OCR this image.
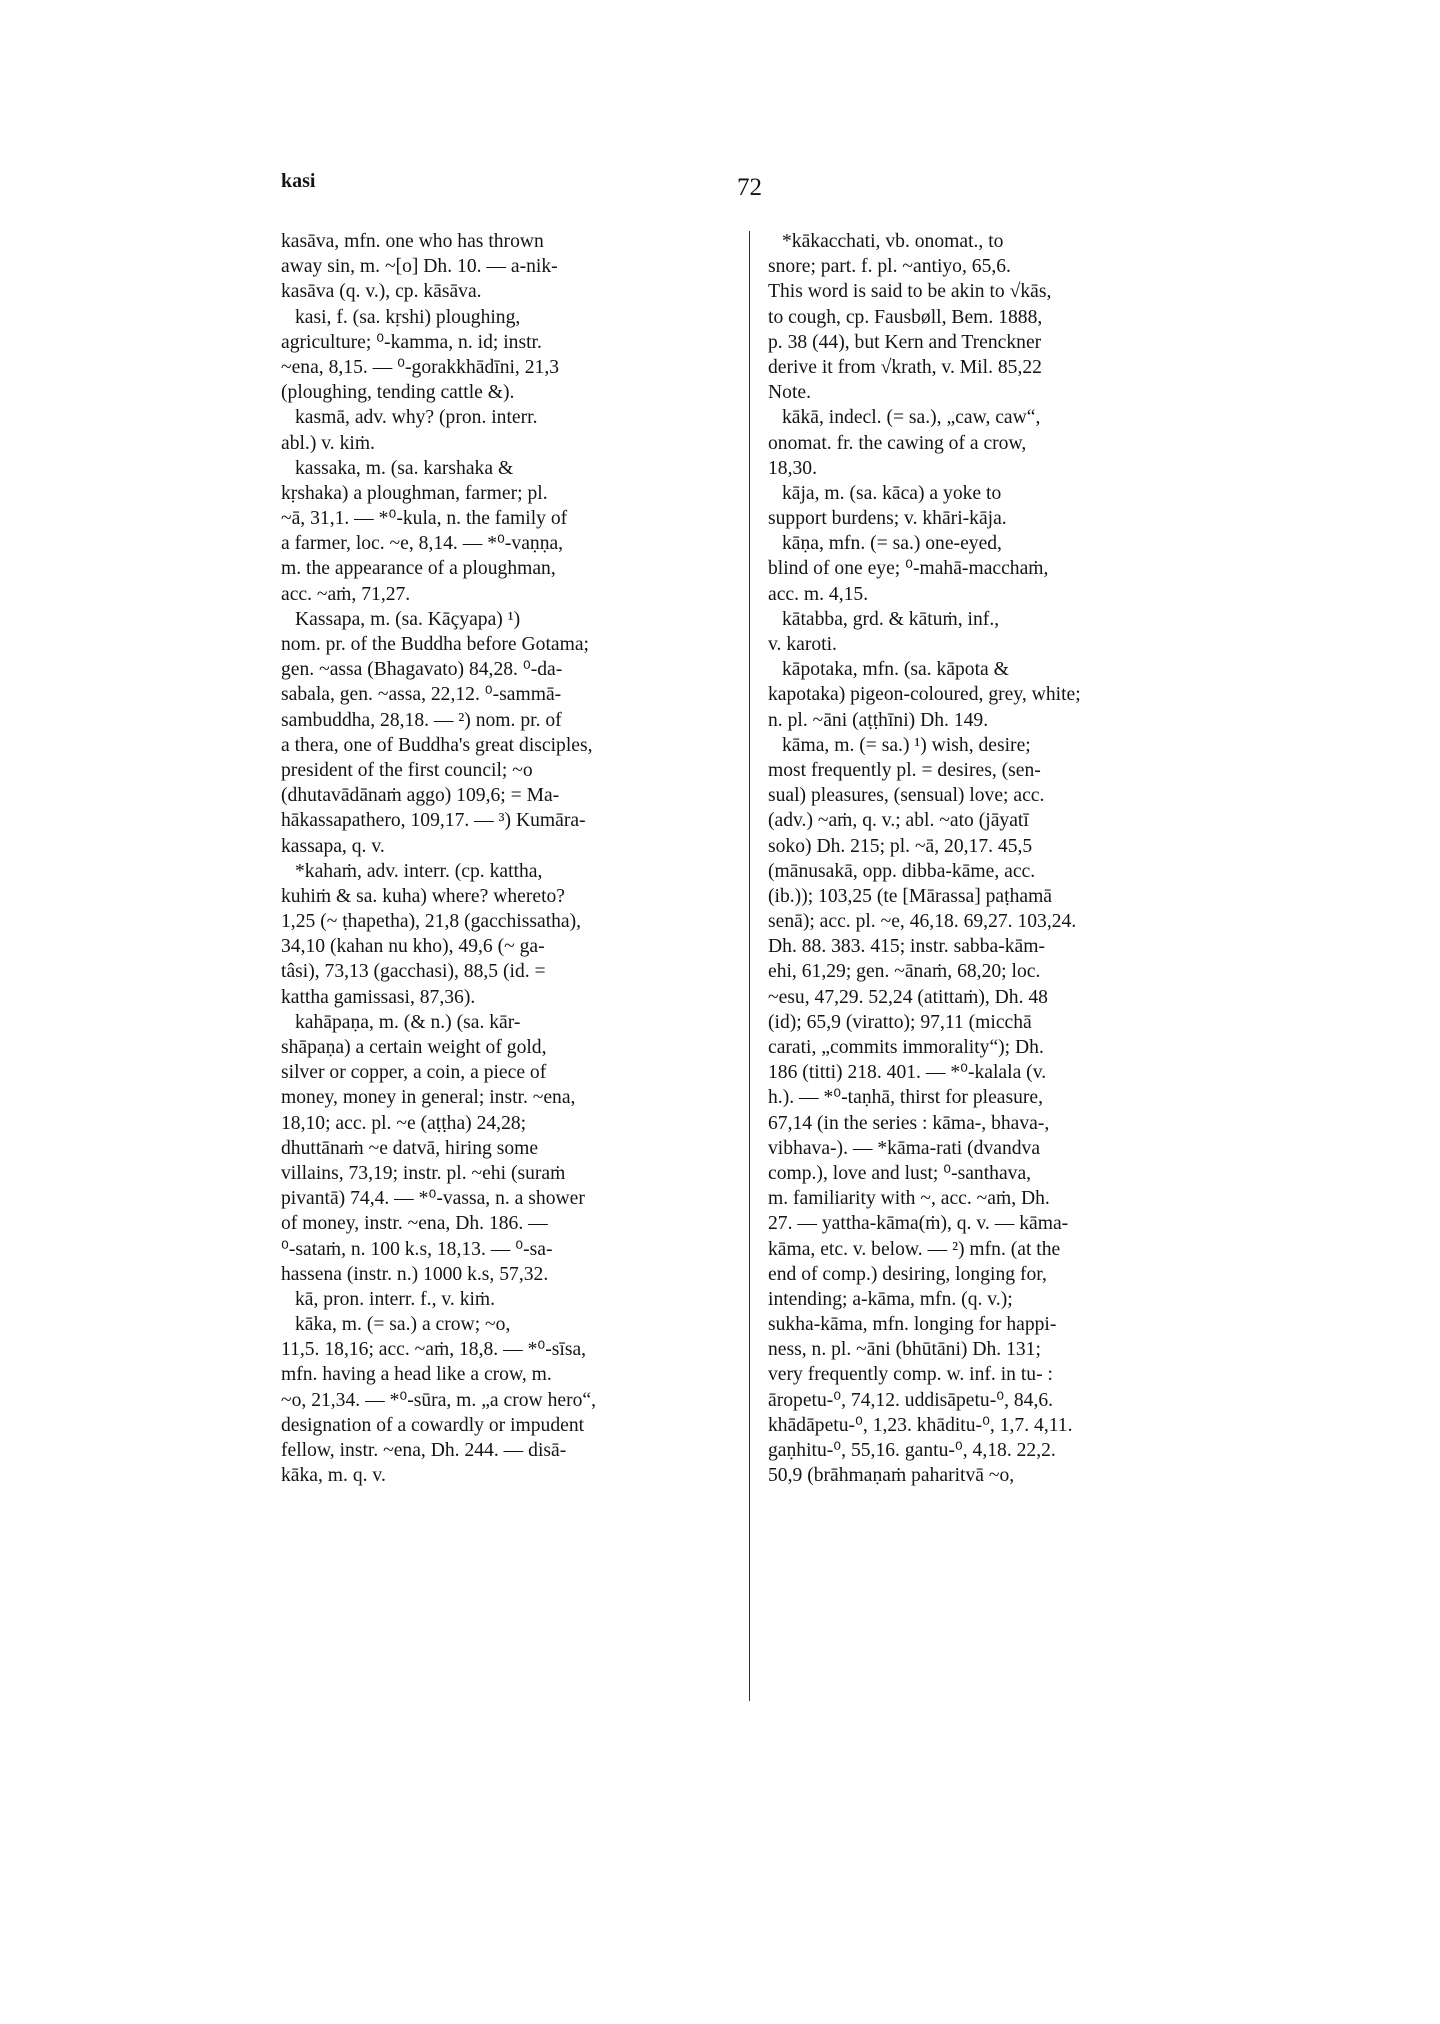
kasi	72
kasāva, mfn. one who has thrown
away sin, m. ~[o] Dh. 10. — a-nik-
kasāva (q. v.), cp. kāsāva.
kasi, f. (sa. kṛshi) ploughing,
agriculture; ⁰-kamma, n. id; instr.
~ena, 8,15. — ⁰-gorakkhādīni, 21,3
(ploughing, tending cattle &).
kasmā, adv. why? (pron. interr.
abl.) v. kiṁ.
kassaka, m. (sa. karshaka &
kṛshaka) a ploughman, farmer; pl.
~ā, 31,1. — *⁰-kula, n. the family of
a farmer, loc. ~e, 8,14. — *⁰-vaṇṇa,
m. the appearance of a ploughman,
acc. ~aṁ, 71,27.
Kassapa, m. (sa. Kāçyapa) ¹)
nom. pr. of the Buddha before Gotama;
gen. ~assa (Bhagavato) 84,28. ⁰-da-
sabala, gen. ~assa, 22,12. ⁰-sammā-
sambuddha, 28,18. — ²) nom. pr. of
a thera, one of Buddha's great disciples,
president of the first council; ~o
(dhutavādānaṁ aggo) 109,6; = Ma-
hākassapathero, 109,17. — ³) Kumāra-
kassapa, q. v.
*kahaṁ, adv. interr. (cp. kattha,
kuhiṁ & sa. kuha) where? whereto?
1,25 (~ ṭhapetha), 21,8 (gacchissatha),
34,10 (kahan nu kho), 49,6 (~ ga-
tâsi), 73,13 (gacchasi), 88,5 (id. =
kattha gamissasi, 87,36).
kahāpaṇa, m. (& n.) (sa. kār-
shāpaṇa) a certain weight of gold,
silver or copper, a coin, a piece of
money, money in general; instr. ~ena,
18,10; acc. pl. ~e (aṭṭha) 24,28;
dhuttānaṁ ~e datvā, hiring some
villains, 73,19; instr. pl. ~ehi (suraṁ
pivantā) 74,4. — *⁰-vassa, n. a shower
of money, instr. ~ena, Dh. 186. —
⁰-sataṁ, n. 100 k.s, 18,13. — ⁰-sa-
hassena (instr. n.) 1000 k.s, 57,32.
kā, pron. interr. f., v. kiṁ.
kāka, m. (= sa.) a crow; ~o,
11,5. 18,16; acc. ~aṁ, 18,8. — *⁰-sīsa,
mfn. having a head like a crow, m.
~o, 21,34. — *⁰-sūra, m. „a crow hero“,
designation of a cowardly or impudent
fellow, instr. ~ena, Dh. 244. — disā-
kāka, m. q. v.
*kākacchati, vb. onomat., to
snore; part. f. pl. ~antiyo, 65,6.
This word is said to be akin to √kās,
to cough, cp. Fausbøll, Bem. 1888,
p. 38 (44), but Kern and Trenckner
derive it from √krath, v. Mil. 85,22
Note.
kākā, indecl. (= sa.), „caw, caw“,
onomat. fr. the cawing of a crow,
18,30.
kāja, m. (sa. kāca) a yoke to
support burdens; v. khāri-kāja.
kāṇa, mfn. (= sa.) one-eyed,
blind of one eye; ⁰-mahā-macchaṁ,
acc. m. 4,15.
kātabba, grd. & kātuṁ, inf.,
v. karoti.
kāpotaka, mfn. (sa. kāpota &
kapotaka) pigeon-coloured, grey, white;
n. pl. ~āni (aṭṭhīni) Dh. 149.
kāma, m. (= sa.) ¹) wish, desire;
most frequently pl. = desires, (sen-
sual) pleasures, (sensual) love; acc.
(adv.) ~aṁ, q. v.; abl. ~ato (jāyatī
soko) Dh. 215; pl. ~ā, 20,17. 45,5
(mānusakā, opp. dibba-kāme, acc.
(ib.)); 103,25 (te [Mārassa] paṭhamā
senā); acc. pl. ~e, 46,18. 69,27. 103,24.
Dh. 88. 383. 415; instr. sabba-kām-
ehi, 61,29; gen. ~ānaṁ, 68,20; loc.
~esu, 47,29. 52,24 (atittaṁ), Dh. 48
(id); 65,9 (viratto); 97,11 (micchā
carati, „commits immorality“); Dh.
186 (titti) 218. 401. — *⁰-kalala (v.
h.). — *⁰-taṇhā, thirst for pleasure,
67,14 (in the series : kāma-, bhava-,
vibhava-). — *kāma-rati (dvandva
comp.), love and lust; ⁰-santhava,
m. familiarity with ~, acc. ~aṁ, Dh.
27. — yattha-kāma(ṁ), q. v. — kāma-
kāma, etc. v. below. — ²) mfn. (at the
end of comp.) desiring, longing for,
intending; a-kāma, mfn. (q. v.);
sukha-kāma, mfn. longing for happi-
ness, n. pl. ~āni (bhūtāni) Dh. 131;
very frequently comp. w. inf. in tu- :
āropetu-⁰, 74,12. uddisāpetu-⁰, 84,6.
khādāpetu-⁰, 1,23. khāditu-⁰, 1,7. 4,11.
gaṇhitu-⁰, 55,16. gantu-⁰, 4,18. 22,2.
50,9 (brāhmaṇaṁ paharitvā ~o,
